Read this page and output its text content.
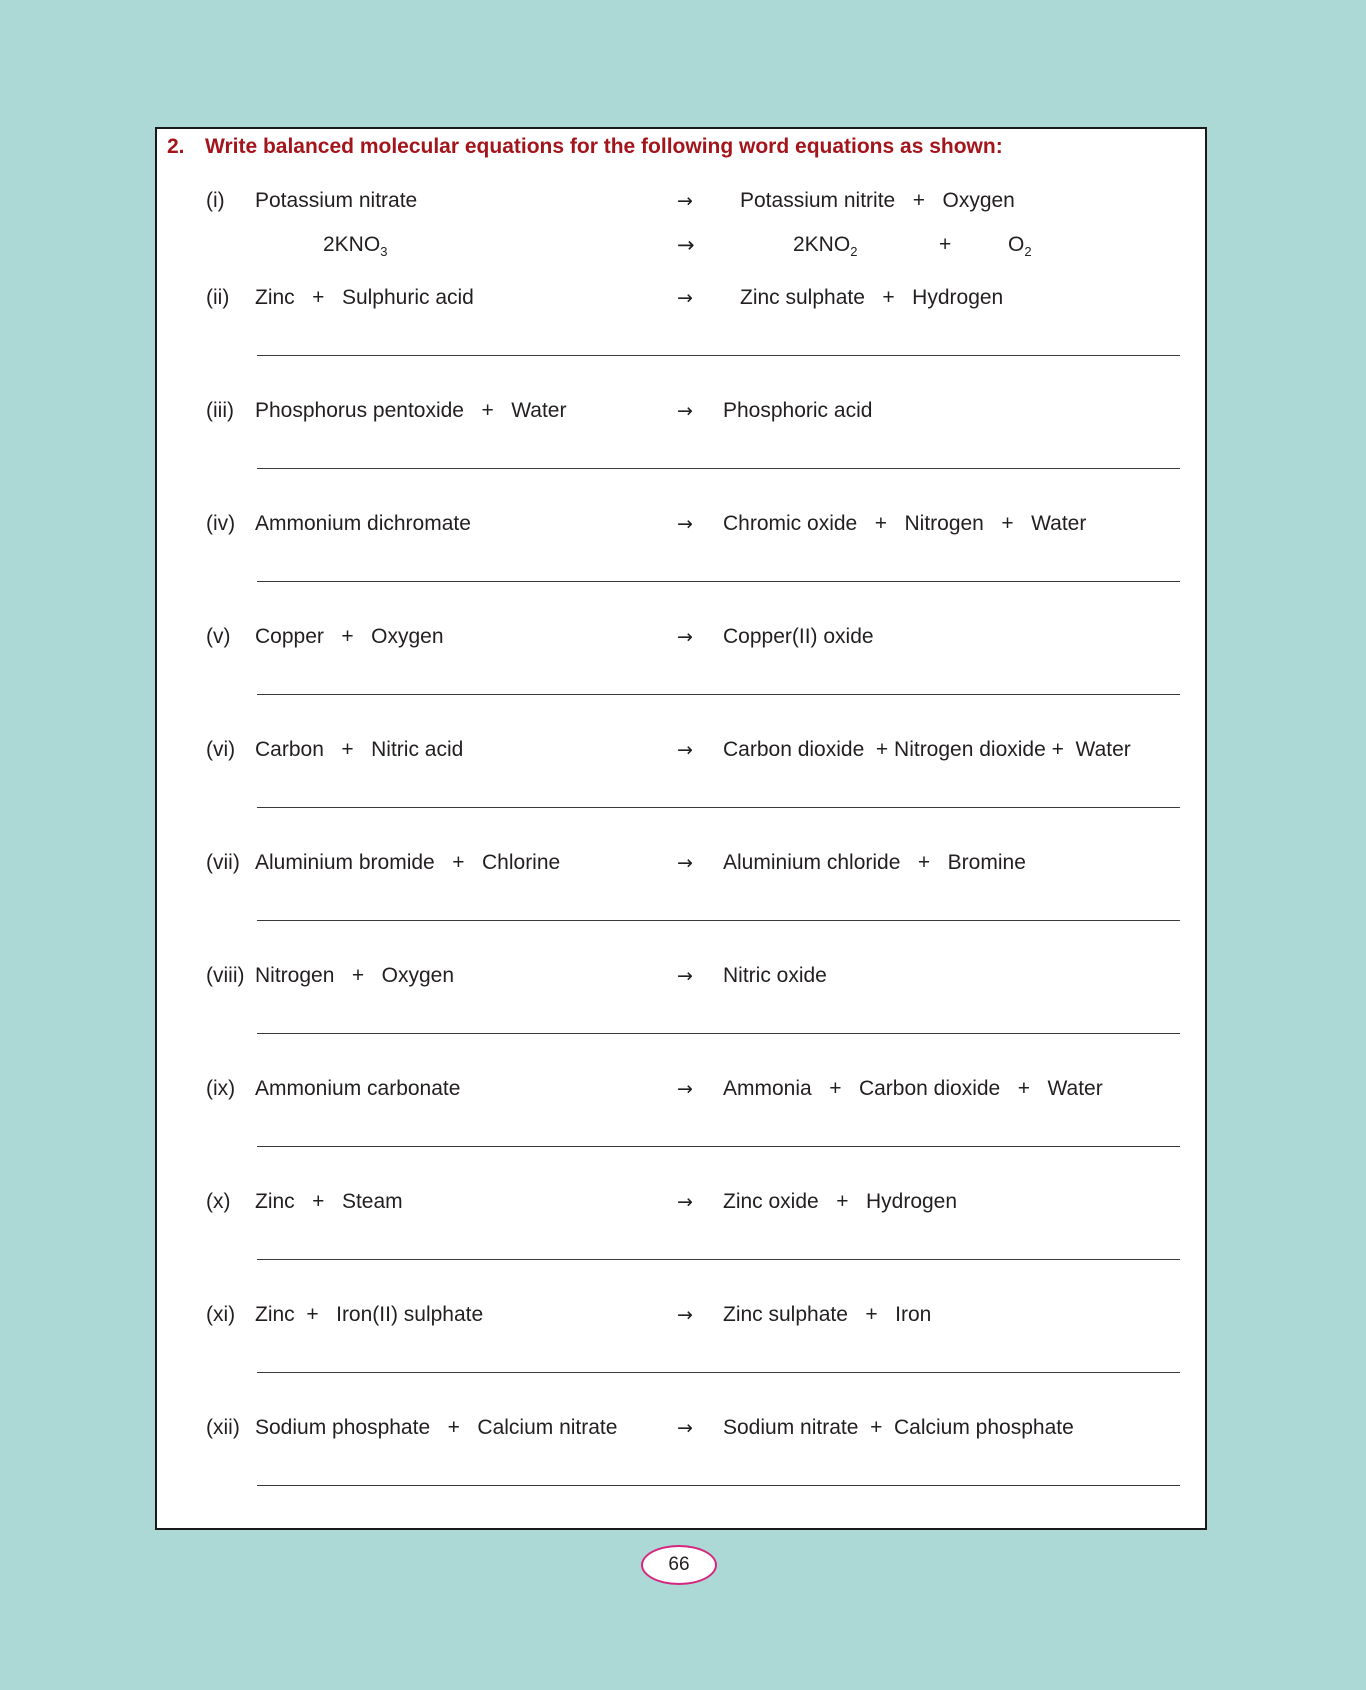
2. Write balanced molecular equations for the following word equations as shown:
(i) Potassium nitrate	→ Potassium nitrite   +   Oxygen
$2KNO_3$	→	$2KNO_2$	+	$O_2$
(ii) Zinc   +   Sulphuric acid	→ Zinc sulphate   +   Hydrogen
(iii) Phosphorus pentoxide   +   Water	→ Phosphoric acid
(iv) Ammonium dichromate	→ Chromic oxide   +   Nitrogen   +   Water
(v) Copper   +   Oxygen	→ Copper(II) oxide
(vi) Carbon   +   Nitric acid	→ Carbon dioxide  + Nitrogen dioxide +  Water
(vii) Aluminium bromide   +   Chlorine	→ Aluminium chloride   +   Bromine
(viii) Nitrogen   +   Oxygen	→ Nitric oxide
(ix) Ammonium carbonate	→ Ammonia   +   Carbon dioxide   +   Water
(x) Zinc   +   Steam	→ Zinc oxide   +   Hydrogen
(xi) Zinc  +   Iron(II) sulphate	→ Zinc sulphate   +   Iron
(xii) Sodium phosphate   +   Calcium nitrate	→ Sodium nitrate  +  Calcium phosphate
66
